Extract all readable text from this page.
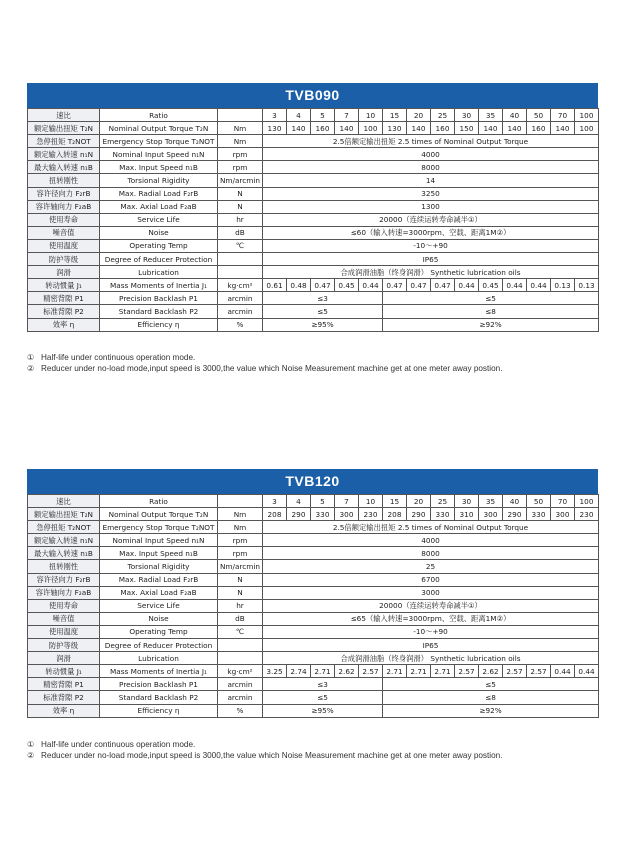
TVB090
速比	Ratio		3	4	5	7	10	15	20	25	30	35	40	50	70	100
额定输出扭矩 T₂N	Nominal Output Torque T₂N	Nm	130	140	160	140	100	130	140	160	150	140	140	160	140	100
急停扭矩 T₂NOT	Emergency Stop Torque T₂NOT	Nm	2.5倍额定输出扭矩 2.5 times of Nominal Output Torque													
额定输入转速 n₁N	Nominal Input Speed n₁N	rpm	4000													
最大输入转速 n₁B	Max. Input Speed n₁B	rpm	8000													
扭转刚性	Torsional Rigidity	Nm/arcmin	14													
容许径向力 F₂rB	Max. Radial Load F₂rB	N	3250													
容许轴向力 F₂aB	Max. Axial Load F₂aB	N	1300													
使用寿命	Service Life	hr	20000（连续运转寿命减半①）													
噪音值	Noise	dB	≤60（输入转速=3000rpm、空载、距离1M②）													
使用温度	Operating Temp	℃	-10～+90													
防护等级	Degree of Reducer Protection		IP65													
润滑	Lubrication		合成润滑油脂（终身润滑） Synthetic lubrication oils													
转动惯量 J₁	Mass Moments of Inertia J₁	kg·cm²	0.61	0.48	0.47	0.45	0.44	0.47	0.47	0.47	0.44	0.45	0.44	0.44	0.13	0.13
精密背隙 P1	Precision Backlash P1	arcmin	≤3					≤5								
标准背隙 P2	Standard Backlash P2	arcmin	≤5					≤8								
效率 η	Efficiency η	%	≥95%					≥92%								
① Half-life under continuous operation mode.
② Reducer under no-load mode,input speed is 3000,the value which Noise Measurement machine get at one meter away postion.
TVB120
速比	Ratio		3	4	5	7	10	15	20	25	30	35	40	50	70	100
额定输出扭矩 T₂N	Nominal Output Torque T₂N	Nm	208	290	330	300	230	208	290	330	310	300	290	330	300	230
急停扭矩 T₂NOT	Emergency Stop Torque T₂NOT	Nm	2.5倍额定输出扭矩 2.5 times of Nominal Output Torque													
额定输入转速 n₁N	Nominal Input Speed n₁N	rpm	4000													
最大输入转速 n₁B	Max. Input Speed n₁B	rpm	8000													
扭转刚性	Torsional Rigidity	Nm/arcmin	25													
容许径向力 F₂rB	Max. Radial Load F₂rB	N	6700													
容许轴向力 F₂aB	Max. Axial Load F₂aB	N	3000													
使用寿命	Service Life	hr	20000（连续运转寿命减半①）													
噪音值	Noise	dB	≤65（输入转速=3000rpm、空载、距离1M②）													
使用温度	Operating Temp	℃	-10～+90													
防护等级	Degree of Reducer Protection		IP65													
润滑	Lubrication		合成润滑油脂（终身润滑） Synthetic lubrication oils													
转动惯量 J₁	Mass Moments of Inertia J₁	kg·cm²	3.25	2.74	2.71	2.62	2.57	2.71	2.71	2.71	2.57	2.62	2.57	2.57	0.44	0.44
精密背隙 P1	Precision Backlash P1	arcmin	≤3					≤5								
标准背隙 P2	Standard Backlash P2	arcmin	≤5					≤8								
效率 η	Efficiency η	%	≥95%					≥92%								
① Half-life under continuous operation mode.
② Reducer under no-load mode,input speed is 3000,the value which Noise Measurement machine get at one meter away postion.
